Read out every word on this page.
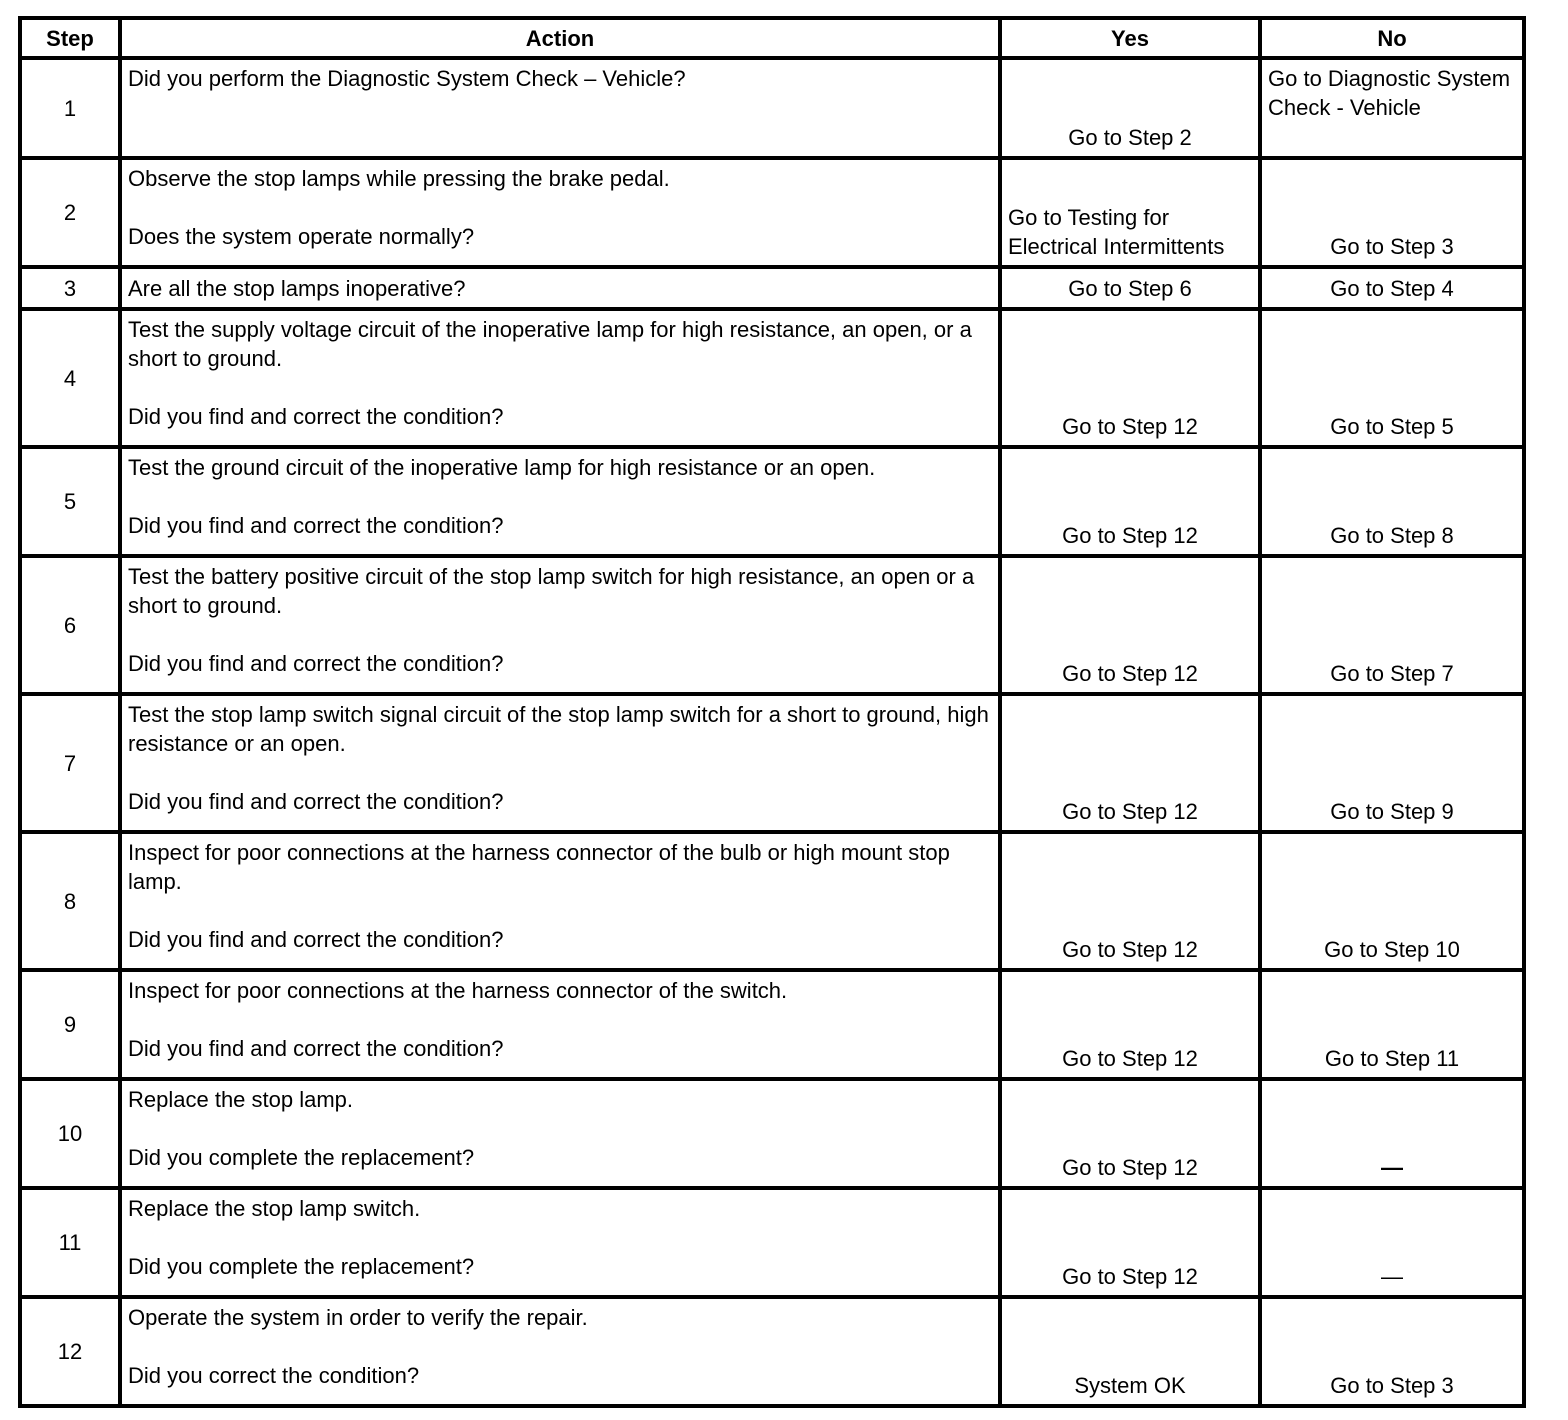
Step	Action	Yes	No
1	Did you perform the Diagnostic System Check – Vehicle?	Go to Step 2	Go to Diagnostic System Check - Vehicle
2	Observe the stop lamps while pressing the brake pedal.
Does the system operate normally?	Go to Testing for Electrical Intermittents	Go to Step 3
3	Are all the stop lamps inoperative?	Go to Step 6	Go to Step 4
4	Test the supply voltage circuit of the inoperative lamp for high resistance, an open, or a short to ground.
Did you find and correct the condition?	Go to Step 12	Go to Step 5
5	Test the ground circuit of the inoperative lamp for high resistance or an open.
Did you find and correct the condition?	Go to Step 12	Go to Step 8
6	Test the battery positive circuit of the stop lamp switch for high resistance, an open or a short to ground.
Did you find and correct the condition?	Go to Step 12	Go to Step 7
7	Test the stop lamp switch signal circuit of the stop lamp switch for a short to ground, high resistance or an open.
Did you find and correct the condition?	Go to Step 12	Go to Step 9
8	Inspect for poor connections at the harness connector of the bulb or high mount stop lamp.
Did you find and correct the condition?	Go to Step 12	Go to Step 10
9	Inspect for poor connections at the harness connector of the switch.
Did you find and correct the condition?	Go to Step 12	Go to Step 11
10	Replace the stop lamp.
Did you complete the replacement?	Go to Step 12	—
11	Replace the stop lamp switch.
Did you complete the replacement?	Go to Step 12	—
12	Operate the system in order to verify the repair.
Did you correct the condition?	System OK	Go to Step 3
